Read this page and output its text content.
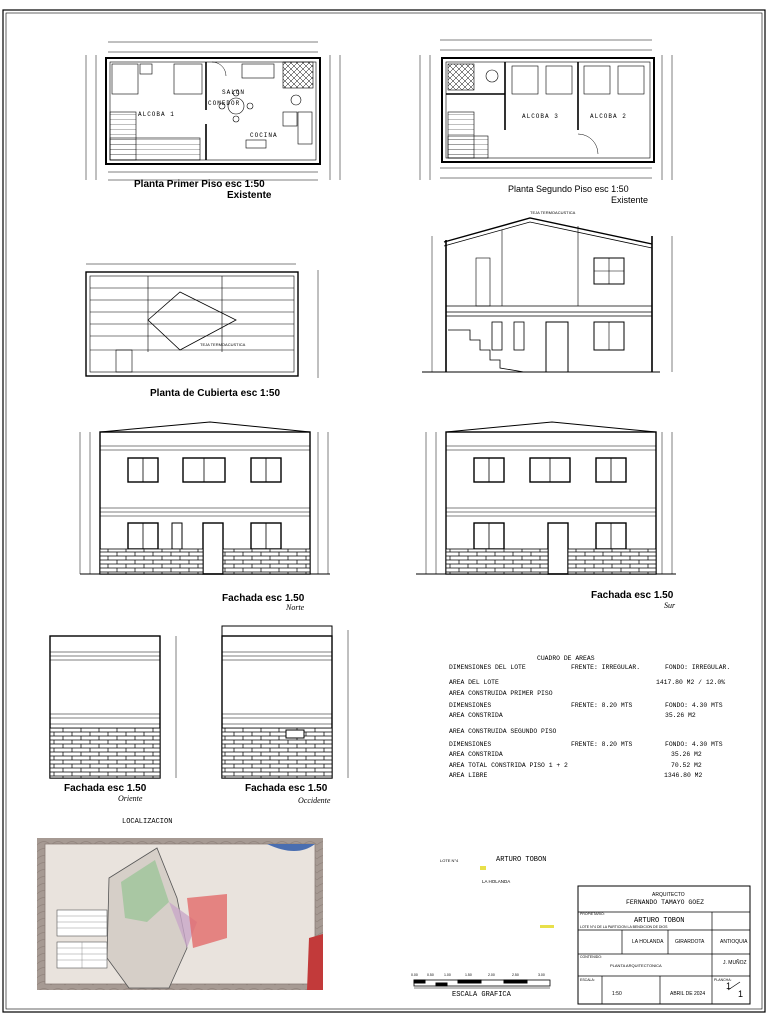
ALCOBA 1
SALON
COMEDOR
COCINA
Planta Primer Piso esc 1:50
Existente
ALCOBA 3	ALCOBA 2
Planta Segundo Piso esc 1:50
Existente
TEJA TERMOACUSTICA
Planta de Cubierta esc 1:50
TEJA TERMOACUSTICA
Fachada esc 1.50
Norte
Fachada esc 1.50
Sur
Fachada esc 1.50
Oriente
Fachada esc 1.50
Occidente
CUADRO DE AREAS
DIMENSIONES DEL LOTE	FRENTE: IRREGULAR.	FONDO: IRREGULAR.
AREA DEL LOTE	1417.80 M2 / 12.0%
AREA CONSTRUIDA PRIMER PISO
DIMENSIONES	FRENTE: 8.20 MTS	FONDO: 4.30 MTS
AREA CONSTRIDA	35.26 M2
AREA CONSTRUIDA SEGUNDO PISO
DIMENSIONES	FRENTE: 8.20 MTS	FONDO: 4.30 MTS
AREA CONSTRIDA	35.26 M2
AREA TOTAL CONSTRIDA PISO 1 + 2	70.52 M2
AREA LIBRE	1346.80 M2
LOCALIZACION
LOTE N°4	ARTURO TOBON
LA HOLANDA
0.00	0.50	1.00	1.50	2.00	2.50	3.00
ESCALA GRAFICA
ARQUITECTO
FERNANDO TAMAYO GOEZ
PROPIETARIO:
ARTURO TOBON
LOTE N°4 DE LA PARTICION LA BENDICION DE DIOS
LA HOLANDA GIRARDOTA	ANTIOQUIA
CONTENIDO:
PLANTA ARQUITECTONICA	J. MUÑOZ
ESCALA:
1:50	ABRIL DE 2024
PLANCHA:
1
1
